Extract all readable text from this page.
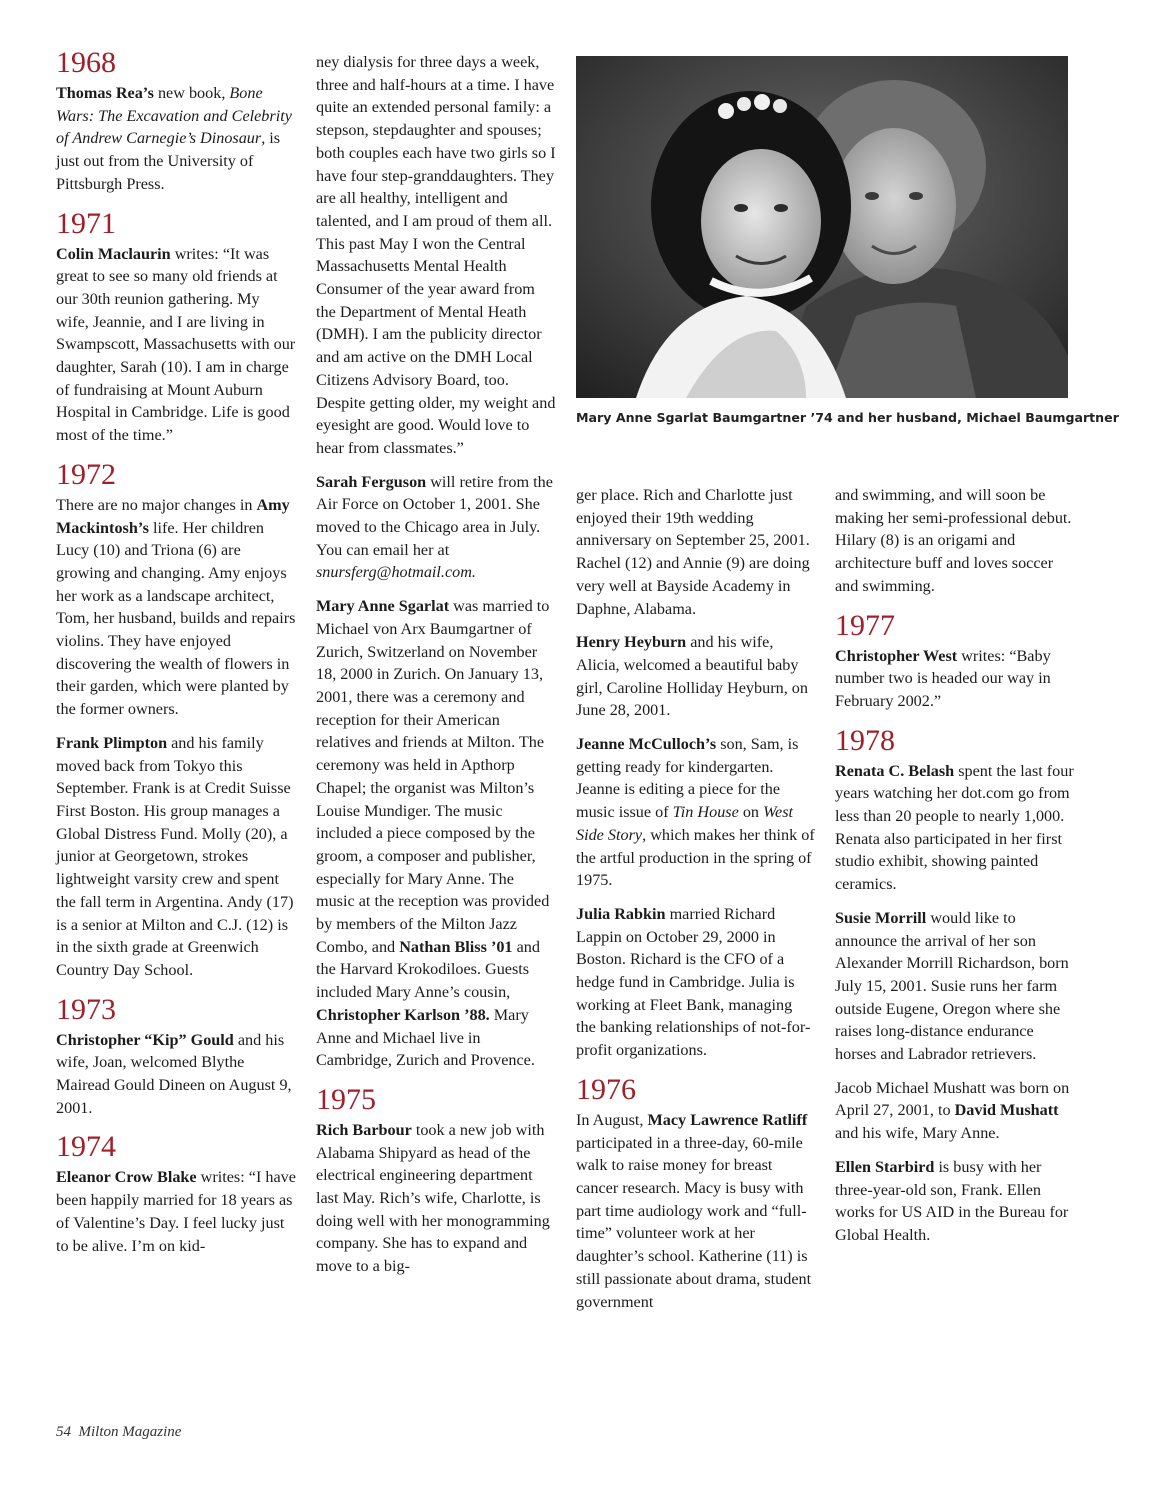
1968

Thomas Rea’s new book, Bone Wars: The Excavation and Celebrity of Andrew Carnegie’s Dinosaur, is just out from the University of Pittsburgh Press.

1971

Colin Maclaurin writes: “It was great to see so many old friends at our 30th reunion gathering. My wife, Jeannie, and I are living in Swampscott, Massachusetts with our daughter, Sarah (10). I am in charge of fundraising at Mount Auburn Hospital in Cambridge. Life is good most of the time.”

1972

There are no major changes in Amy Mackintosh’s life. Her children Lucy (10) and Triona (6) are growing and changing. Amy enjoys her work as a landscape architect, Tom, her husband, builds and repairs violins. They have enjoyed discovering the wealth of flowers in their garden, which were planted by the former owners.

Frank Plimpton and his family moved back from Tokyo this September. Frank is at Credit Suisse First Boston. His group manages a Global Distress Fund. Molly (20), a junior at Georgetown, strokes lightweight varsity crew and spent the fall term in Argentina. Andy (17) is a senior at Milton and C.J. (12) is in the sixth grade at Greenwich Country Day School.

1973

Christopher “Kip” Gould and his wife, Joan, welcomed Blythe Mairead Gould Dineen on August 9, 2001.

1974

Eleanor Crow Blake writes: “I have been happily married for 18 years as of Valentine’s Day. I feel lucky just to be alive. I’m on kid-

ney dialysis for three days a week, three and half-hours at a time. I have quite an extended personal family: a stepson, stepdaughter and spouses; both couples each have two girls so I have four step-granddaughters. They are all healthy, intelligent and talented, and I am proud of them all. This past May I won the Central Massachusetts Mental Health Consumer of the year award from the Department of Mental Heath (DMH). I am the publicity director and am active on the DMH Local Citizens Advisory Board, too. Despite getting older, my weight and eyesight are good. Would love to hear from classmates.”

Sarah Ferguson will retire from the Air Force on October 1, 2001. She moved to the Chicago area in July. You can email her at snursferg@hotmail.com.

Mary Anne Sgarlat was married to Michael von Arx Baumgartner of Zurich, Switzerland on November 18, 2000 in Zurich. On January 13, 2001, there was a ceremony and reception for their American relatives and friends at Milton. The ceremony was held in Apthorp Chapel; the organist was Milton’s Louise Mundiger. The music included a piece composed by the groom, a composer and publisher, especially for Mary Anne. The music at the reception was provided by members of the Milton Jazz Combo, and Nathan Bliss ’01 and the Harvard Krokodiloes. Guests included Mary Anne’s cousin, Christopher Karlson ’88. Mary Anne and Michael live in Cambridge, Zurich and Provence.

1975

Rich Barbour took a new job with Alabama Shipyard as head of the electrical engineering department last May. Rich’s wife, Charlotte, is doing well with her monogramming company. She has to expand and move to a big-

Mary Anne Sgarlat Baumgartner ’74 and her husband, Michael Baumgartner

ger place. Rich and Charlotte just enjoyed their 19th wedding anniversary on September 25, 2001. Rachel (12) and Annie (9) are doing very well at Bayside Academy in Daphne, Alabama.

Henry Heyburn and his wife, Alicia, welcomed a beautiful baby girl, Caroline Holliday Heyburn, on June 28, 2001.

Jeanne McCulloch’s son, Sam, is getting ready for kindergarten. Jeanne is editing a piece for the music issue of Tin House on West Side Story, which makes her think of the artful production in the spring of 1975.

Julia Rabkin married Richard Lappin on October 29, 2000 in Boston. Richard is the CFO of a hedge fund in Cambridge. Julia is working at Fleet Bank, managing the banking relationships of not-for-profit organizations.

1976

In August, Macy Lawrence Ratliff participated in a three-day, 60-mile walk to raise money for breast cancer research. Macy is busy with part time audiology work and “full-time” volunteer work at her daughter’s school. Katherine (11) is still passionate about drama, student government

and swimming, and will soon be making her semi-professional debut. Hilary (8) is an origami and architecture buff and loves soccer and swimming.

1977

Christopher West writes: “Baby number two is headed our way in February 2002.”

1978

Renata C. Belash spent the last four years watching her dot.com go from less than 20 people to nearly 1,000. Renata also participated in her first studio exhibit, showing painted ceramics.

Susie Morrill would like to announce the arrival of her son Alexander Morrill Richardson, born July 15, 2001. Susie runs her farm outside Eugene, Oregon where she raises long-distance endurance horses and Labrador retrievers.

Jacob Michael Mushatt was born on April 27, 2001, to David Mushatt and his wife, Mary Anne.

Ellen Starbird is busy with her three-year-old son, Frank. Ellen works for US AID in the Bureau for Global Health.

54 Milton Magazine
